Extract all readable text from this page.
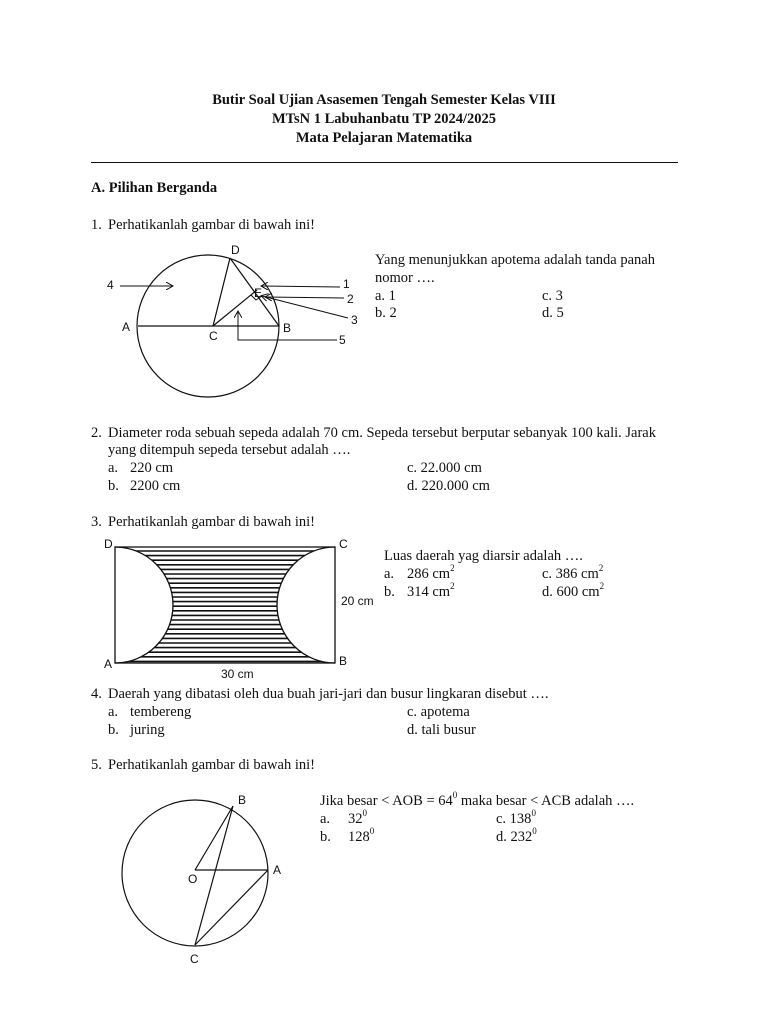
Butir Soal Ujian Asasemen Tengah Semester Kelas VIII
MTsN 1 Labuhanbatu TP 2024/2025
Mata Pelajaran Matematika
A. Pilihan Berganda
1. Perhatikanlah gambar di bawah ini!
D
E
A
C
B
1
2
3
4
5
Yang menunjukkan apotema adalah tanda panah
nomor ….
a. 1
b. 2
c. 3
d. 5
2. Diameter roda sebuah sepeda adalah 70 cm. Sepeda tersebut berputar sebanyak 100 kali. Jarak
yang ditempuh sepeda tersebut adalah ….
a. 220 cm
b. 2200 cm
c. 22.000 cm
d. 220.000 cm
3. Perhatikanlah gambar di bawah ini!
D	C
A	B
20 cm
30 cm
Luas daerah yag diarsir adalah ….
a. 286 $cm^2$
b. 314 $cm^2$
c. 386 $cm^2$
d. 600 $cm^2$
4. Daerah yang dibatasi oleh dua buah jari-jari dan busur lingkaran disebut ….
a. tembereng
b. juring
c. apotema
d. tali busur
5. Perhatikanlah gambar di bawah ini!
B
O
A
C
Jika besar < AOB = $64^0$ maka besar < ACB adalah ….
a. $32^0$
b. $128^0$
c. $138^0$
d. $232^0$
